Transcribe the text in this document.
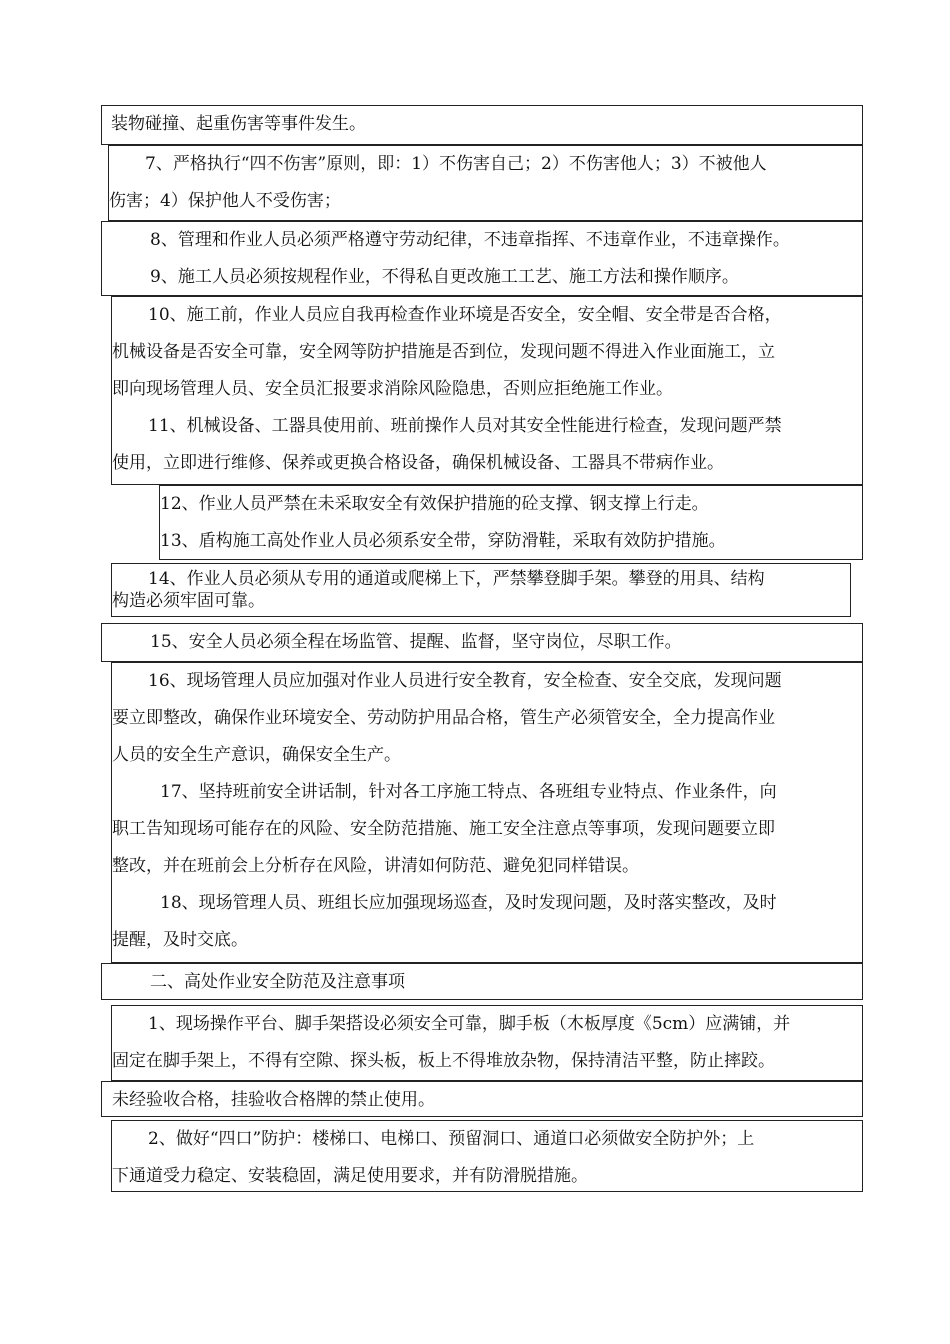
装物碰撞、起重伤害等事件发生。

7、严格执行“四不伤害”原则，即：1）不伤害自己；2）不伤害他人；3）不被他人

伤害；4）保护他人不受伤害；

8、管理和作业人员必须严格遵守劳动纪律，不违章指挥、不违章作业，不违章操作。

9、施工人员必须按规程作业，不得私自更改施工工艺、施工方法和操作顺序。

10、施工前，作业人员应自我再检查作业环境是否安全，安全帽、安全带是否合格，

机械设备是否安全可靠，安全网等防护措施是否到位，发现问题不得进入作业面施工，立

即向现场管理人员、安全员汇报要求消除风险隐患，否则应拒绝施工作业。

11、机械设备、工器具使用前、班前操作人员对其安全性能进行检查，发现问题严禁

使用，立即进行维修、保养或更换合格设备，确保机械设备、工器具不带病作业。

12、作业人员严禁在未采取安全有效保护措施的砼支撑、钢支撑上行走。

13、盾构施工高处作业人员必须系安全带，穿防滑鞋，采取有效防护措施。

14、作业人员必须从专用的通道或爬梯上下，严禁攀登脚手架。攀登的用具、结构

构造必须牢固可靠。

15、安全人员必须全程在场监管、提醒、监督，坚守岗位，尽职工作。

16、现场管理人员应加强对作业人员进行安全教育，安全检查、安全交底，发现问题

要立即整改，确保作业环境安全、劳动防护用品合格，管生产必须管安全，全力提高作业

人员的安全生产意识，确保安全生产。

17、坚持班前安全讲话制，针对各工序施工特点、各班组专业特点、作业条件，向

职工告知现场可能存在的风险、安全防范措施、施工安全注意点等事项，发现问题要立即

整改，并在班前会上分析存在风险，讲清如何防范、避免犯同样错误。

18、现场管理人员、班组长应加强现场巡查，及时发现问题，及时落实整改，及时

提醒，及时交底。

二、高处作业安全防范及注意事项

1、现场操作平台、脚手架搭设必须安全可靠，脚手板（木板厚度《5cm）应满铺，并

固定在脚手架上，不得有空隙、探头板，板上不得堆放杂物，保持清洁平整，防止摔跤。

未经验收合格，挂验收合格牌的禁止使用。

2、做好“四口”防护：楼梯口、电梯口、预留洞口、通道口必须做安全防护外；上

下通道受力稳定、安装稳固，满足使用要求，并有防滑脱措施。
